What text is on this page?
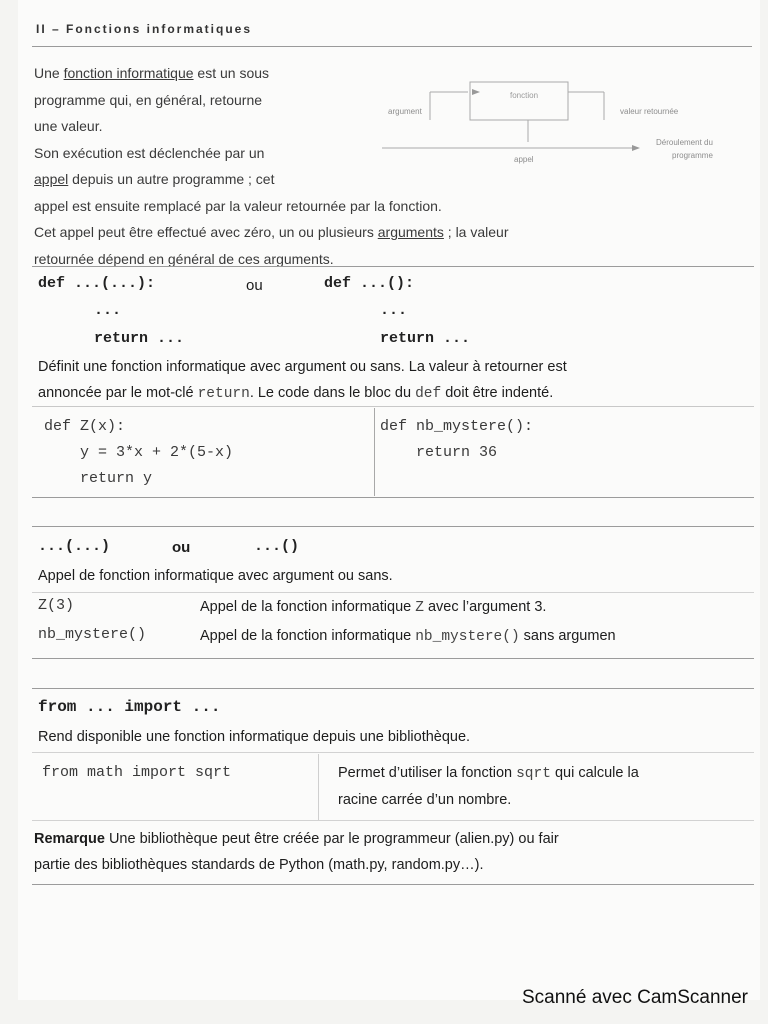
II – Fonctions informatiques
Une fonction informatique est un sous
programme qui, en général, retourne
une valeur.
Son exécution est déclenchée par un
appel depuis un autre programme ; cet
appel est ensuite remplacé par la valeur retournée par la fonction.
Cet appel peut être effectué avec zéro, un ou plusieurs arguments ; la valeur
retournée dépend en général de ces arguments.
argument
fonction
valeur retournée
appel
Déroulement du
programme
def ...(...):	ou	def ...():
...	...
return ...	return ...
Définit une fonction informatique avec argument ou sans. La valeur à retourner est
annoncée par le mot-clé return. Le code dans le bloc du def doit être indenté.
def Z(x):
y = 3*x + 2*(5-x)
return y
def nb_mystere():
return 36
...(...)	ou	...()
Appel de fonction informatique avec argument ou sans.
Z(3)	Appel de la fonction informatique Z avec l’argument 3.
nb_mystere()	Appel de la fonction informatique nb_mystere() sans argumen
from ... import ...
Rend disponible une fonction informatique depuis une bibliothèque.
from math import sqrt	Permet d’utiliser la fonction sqrt qui calcule la
racine carrée d’un nombre.
Remarque Une bibliothèque peut être créée par le programmeur (alien.py) ou fair
partie des bibliothèques standards de Python (math.py, random.py…).
Scanné avec CamScanner
